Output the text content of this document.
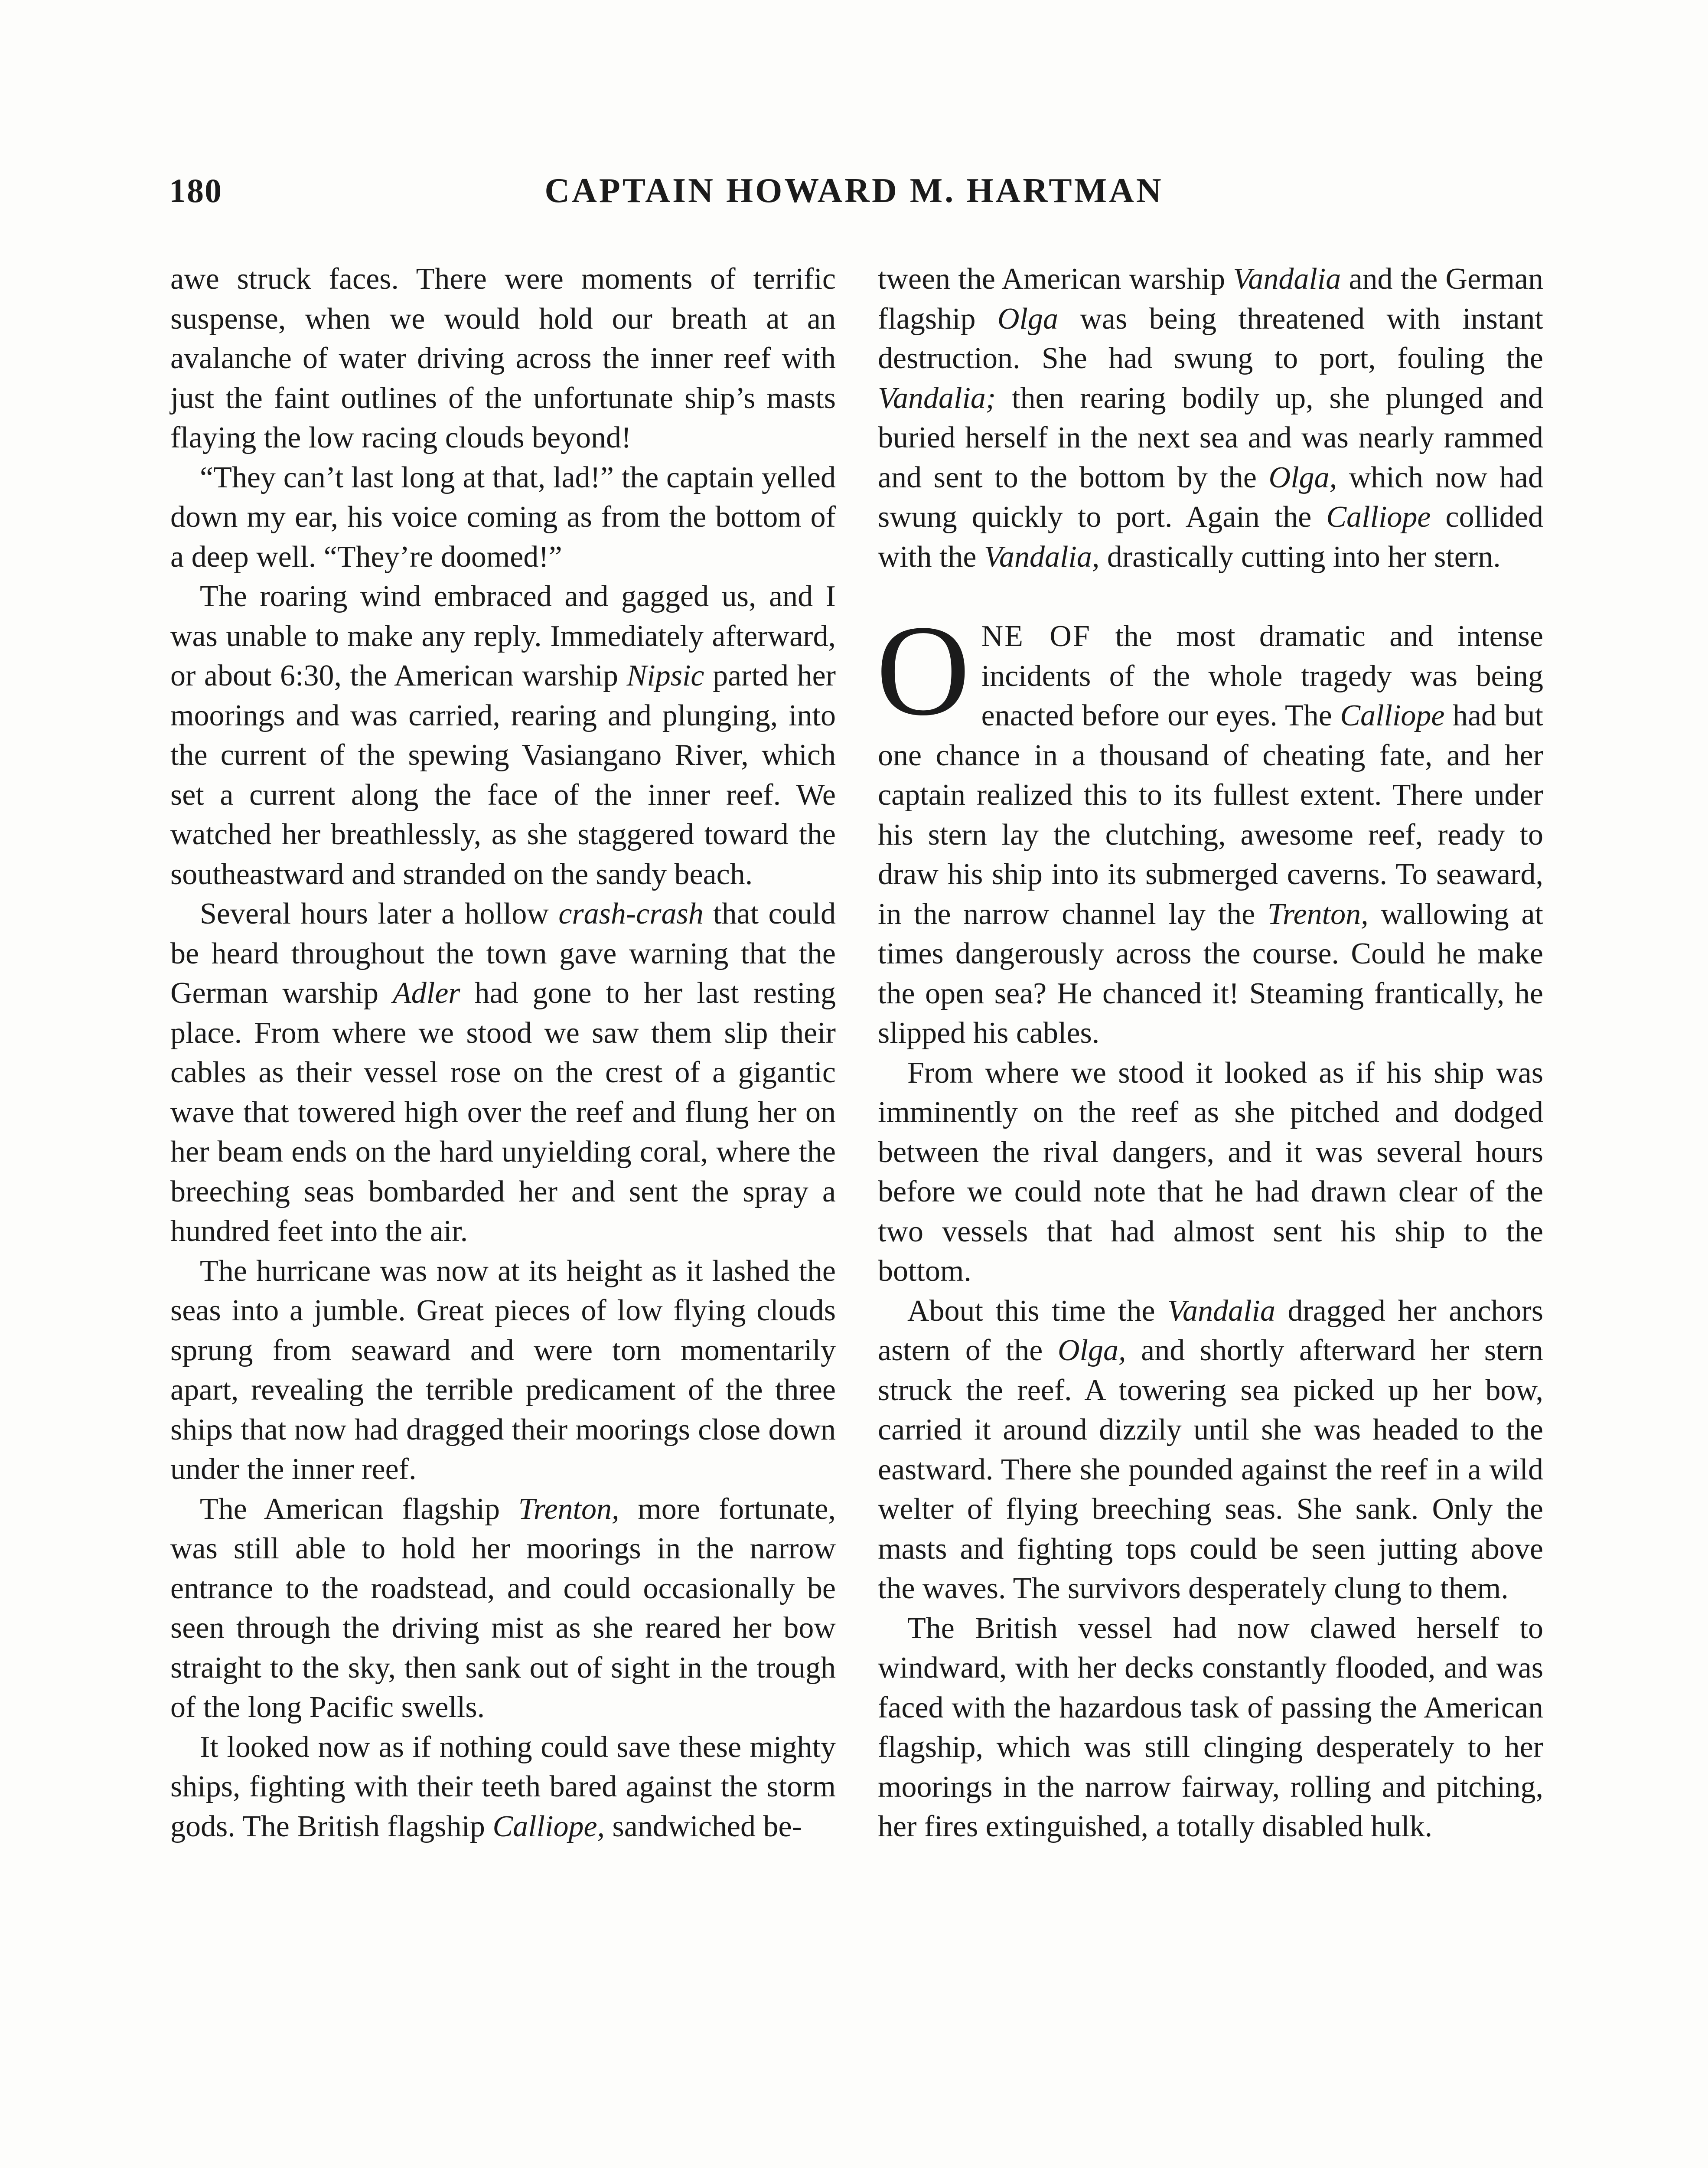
180	CAPTAIN HOWARD M. HARTMAN

awe struck faces. There were moments of terrific suspense, when we would hold our breath at an avalanche of water driving across the inner reef with just the faint outlines of the unfortunate ship’s masts flaying the low racing clouds beyond!

“They can’t last long at that, lad!” the captain yelled down my ear, his voice coming as from the bottom of a deep well. “They’re doomed!”

The roaring wind embraced and gagged us, and I was unable to make any reply. Immediately afterward, or about 6:30, the American warship Nipsic parted her moorings and was carried, rearing and plunging, into the current of the spewing Vasiangano River, which set a current along the face of the inner reef. We watched her breathlessly, as she staggered toward the southeastward and stranded on the sandy beach.

Several hours later a hollow crash-crash that could be heard throughout the town gave warning that the German warship Adler had gone to her last resting place. From where we stood we saw them slip their cables as their vessel rose on the crest of a gigantic wave that towered high over the reef and flung her on her beam ends on the hard unyielding coral, where the breeching seas bombarded her and sent the spray a hundred feet into the air.

The hurricane was now at its height as it lashed the seas into a jumble. Great pieces of low flying clouds sprung from seaward and were torn momentarily apart, revealing the terrible predicament of the three ships that now had dragged their moorings close down under the inner reef.

The American flagship Trenton, more fortunate, was still able to hold her moorings in the narrow entrance to the roadstead, and could occasionally be seen through the driving mist as she reared her bow straight to the sky, then sank out of sight in the trough of the long Pacific swells.

It looked now as if nothing could save these mighty ships, fighting with their teeth bared against the storm gods. The British flagship Calliope, sandwiched be-

tween the American warship Vandalia and the German flagship Olga was being threatened with instant destruction. She had swung to port, fouling the Vandalia; then rearing bodily up, she plunged and buried herself in the next sea and was nearly rammed and sent to the bottom by the Olga, which now had swung quickly to port. Again the Calliope collided with the Vandalia, drastically cutting into her stern.

ONE OF the most dramatic and intense incidents of the whole tragedy was being enacted before our eyes. The Calliope had but one chance in a thousand of cheating fate, and her captain realized this to its fullest extent. There under his stern lay the clutching, awesome reef, ready to draw his ship into its submerged caverns. To seaward, in the narrow channel lay the Trenton, wallowing at times dangerously across the course. Could he make the open sea? He chanced it! Steaming frantically, he slipped his cables.

From where we stood it looked as if his ship was imminently on the reef as she pitched and dodged between the rival dangers, and it was several hours before we could note that he had drawn clear of the two vessels that had almost sent his ship to the bottom.

About this time the Vandalia dragged her anchors astern of the Olga, and shortly afterward her stern struck the reef. A towering sea picked up her bow, carried it around dizzily until she was headed to the eastward. There she pounded against the reef in a wild welter of flying breeching seas. She sank. Only the masts and fighting tops could be seen jutting above the waves. The survivors desperately clung to them.

The British vessel had now clawed herself to windward, with her decks constantly flooded, and was faced with the hazardous task of passing the American flagship, which was still clinging desperately to her moorings in the narrow fairway, rolling and pitching, her fires extinguished, a totally disabled hulk.
